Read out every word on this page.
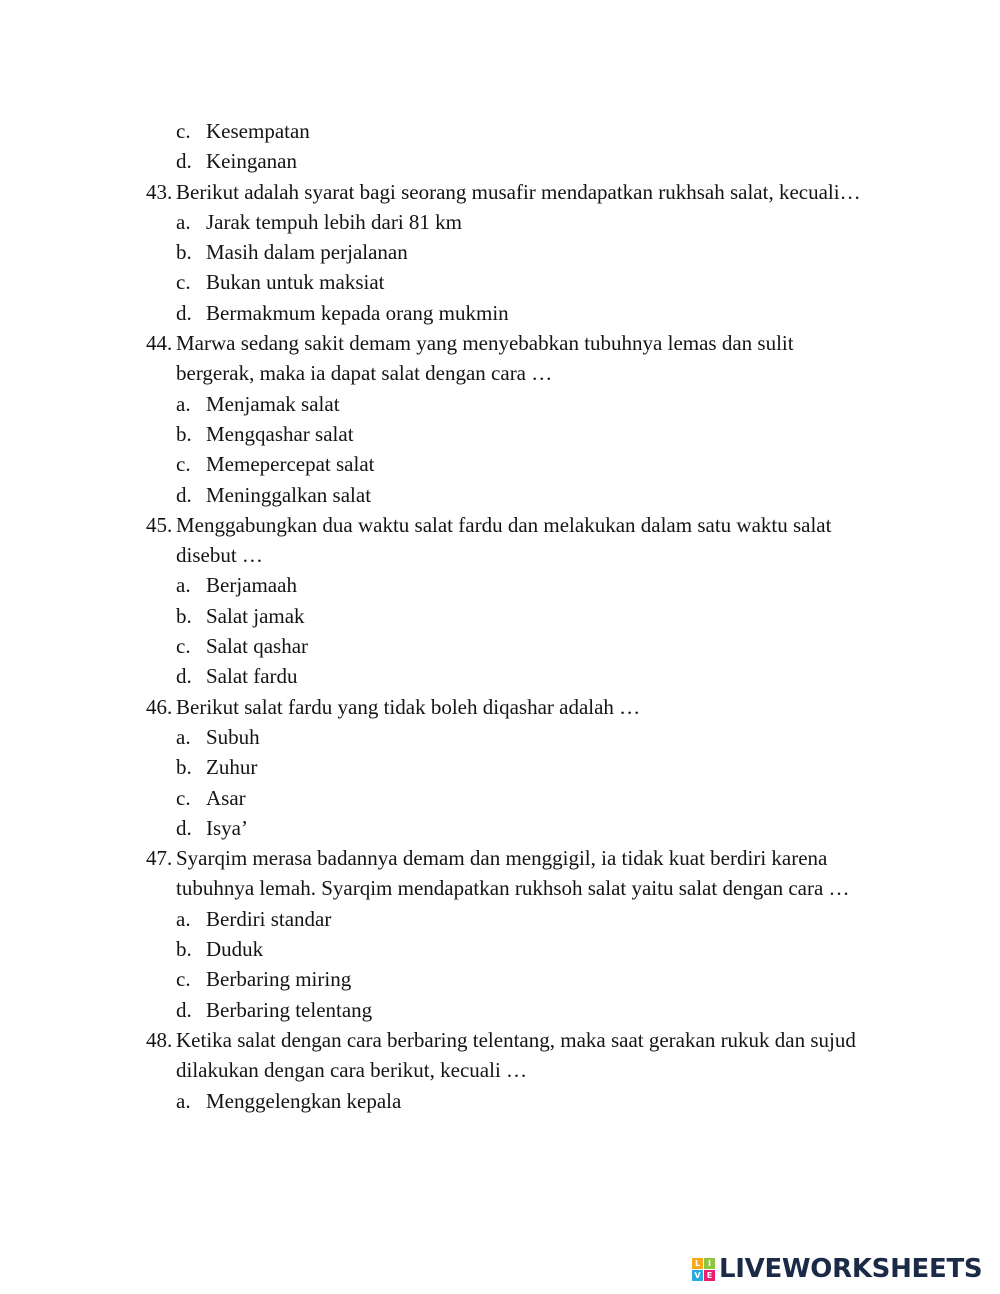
c. Kesempatan
d. Keinganan
43. Berikut adalah syarat bagi seorang musafir mendapatkan rukhsah salat, kecuali…
a. Jarak tempuh lebih dari 81 km
b. Masih dalam perjalanan
c. Bukan untuk maksiat
d. Bermakmum kepada orang mukmin
44. Marwa sedang sakit demam yang menyebabkan tubuhnya lemas dan sulit bergerak, maka ia dapat salat dengan cara …
a. Menjamak salat
b. Mengqashar salat
c. Memepercepat salat
d. Meninggalkan salat
45. Menggabungkan dua waktu salat fardu dan melakukan dalam satu waktu salat disebut …
a. Berjamaah
b. Salat jamak
c. Salat qashar
d. Salat fardu
46. Berikut salat fardu yang tidak boleh diqashar adalah …
a. Subuh
b. Zuhur
c. Asar
d. Isya’
47. Syarqim merasa badannya demam dan menggigil, ia tidak kuat berdiri karena tubuhnya lemah. Syarqim mendapatkan rukhsoh salat yaitu salat dengan cara …
a. Berdiri standar
b. Duduk
c. Berbaring miring
d. Berbaring telentang
48. Ketika salat dengan cara berbaring telentang, maka saat gerakan rukuk dan sujud dilakukan dengan cara berikut, kecuali …
a. Menggelengkan kepala
L I
V E LIVEWORKSHEETS
